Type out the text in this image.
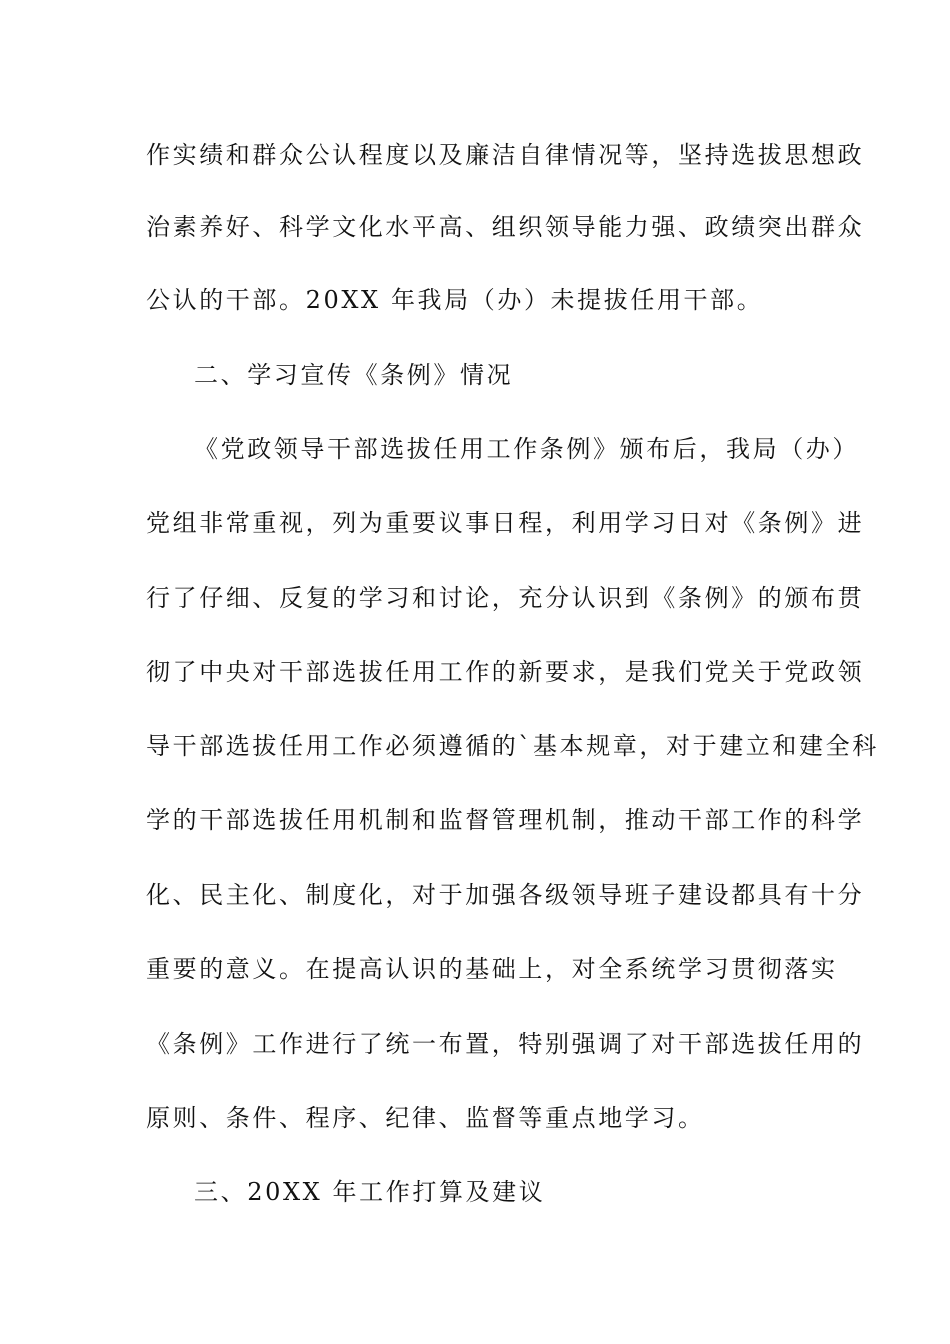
作实绩和群众公认程度以及廉洁自律情况等，坚持选拔思想政
治素养好、科学文化水平高、组织领导能力强、政绩突出群众
公认的干部。20XX 年我局（办）未提拔任用干部。
二、学习宣传《条例》情况
《党政领导干部选拔任用工作条例》颁布后，我局（办）
党组非常重视，列为重要议事日程，利用学习日对《条例》进
行了仔细、反复的学习和讨论，充分认识到《条例》的颁布贯
彻了中央对干部选拔任用工作的新要求，是我们党关于党政领
导干部选拔任用工作必须遵循的`基本规章，对于建立和建全科
学的干部选拔任用机制和监督管理机制，推动干部工作的科学
化、民主化、制度化，对于加强各级领导班子建设都具有十分
重要的意义。在提高认识的基础上，对全系统学习贯彻落实
《条例》工作进行了统一布置，特别强调了对干部选拔任用的
原则、条件、程序、纪律、监督等重点地学习。
三、20XX 年工作打算及建议
